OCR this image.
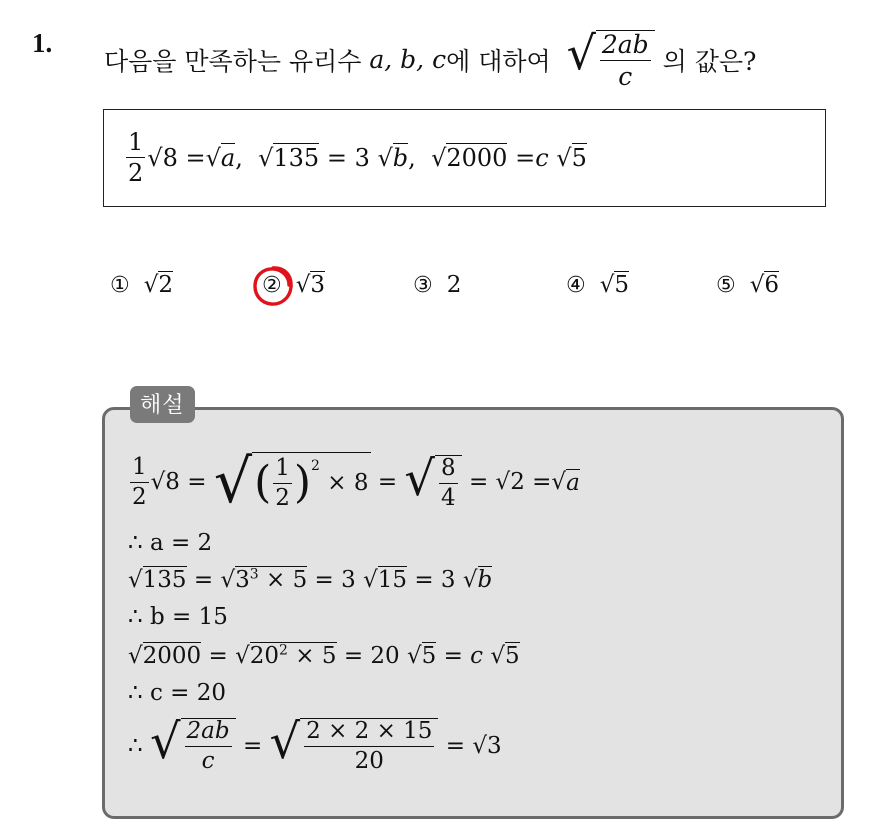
1.
다음을 만족하는 유리수
a,
b,
c 에 대하여
√ $\frac{2ab}{c}$
의 값은?
$\frac{1}{2} √8$ = √ a , √ 135
= 3
√ b , √ 2000
= c
√ 5
① √2	② √3	③ 2	④ √5	⑤ √6
해설
$\frac{1}{2} √8$ =
√ ( $\frac{1}{2}$ ) 2

× 8
=
√ $\frac{8}{4}$
= √2 = √ a
∴ a = 2
√ 135
=
√ $3^3 \times 5$
= 3
√ 15
= 3
√ b
∴ b = 15
√ 2000
=
√ $20^2 \times 5$
= 20
√ 5
= c
√ 5
∴ c = 20
∴
√ $\frac{2ab}{c}$
=
√ $\frac{2 \times 2 \times 15}{20}$
= √3
